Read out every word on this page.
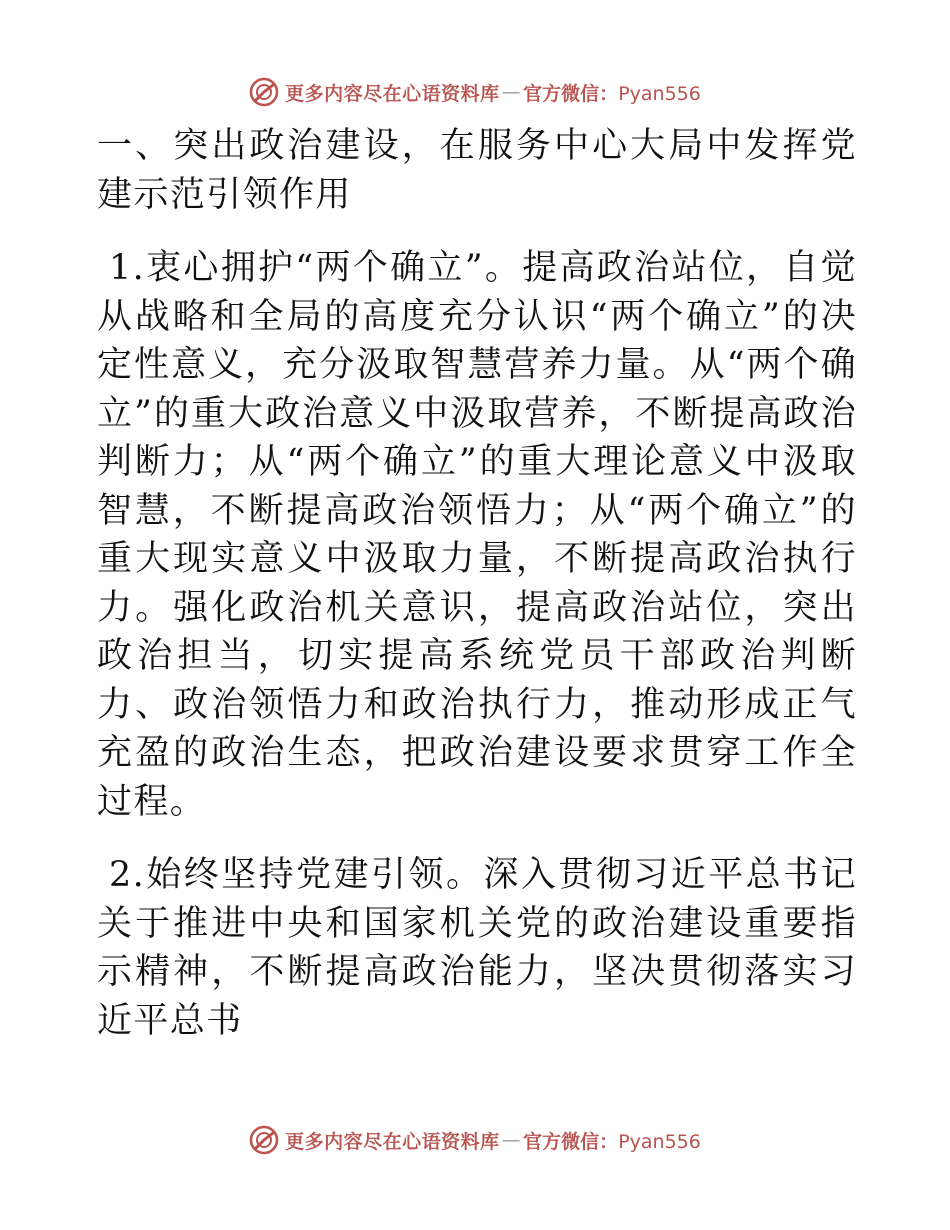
更多内容尽在心语资料库 — 官方微信：Pyan556

一、突出政治建设，在服务中心大局中发挥党建示范引领作用

1.衷心拥护“两个确立”。提高政治站位，自觉从战略和全局的高度充分认识“两个确立”的决定性意义，充分汲取智慧营养力量。从“两个确立”的重大政治意义中汲取营养，不断提高政治判断力；从“两个确立”的重大理论意义中汲取智慧，不断提高政治领悟力；从“两个确立”的重大现实意义中汲取力量，不断提高政治执行力。强化政治机关意识，提高政治站位，突出政治担当，切实提高系统党员干部政治判断力、政治领悟力和政治执行力，推动形成正气充盈的政治生态，把政治建设要求贯穿工作全过程。

2.始终坚持党建引领。深入贯彻习近平总书记关于推进中央和国家机关党的政治建设重要指示精神，不断提高政治能力，坚决贯彻落实习近平总书

更多内容尽在心语资料库 — 官方微信：Pyan556
